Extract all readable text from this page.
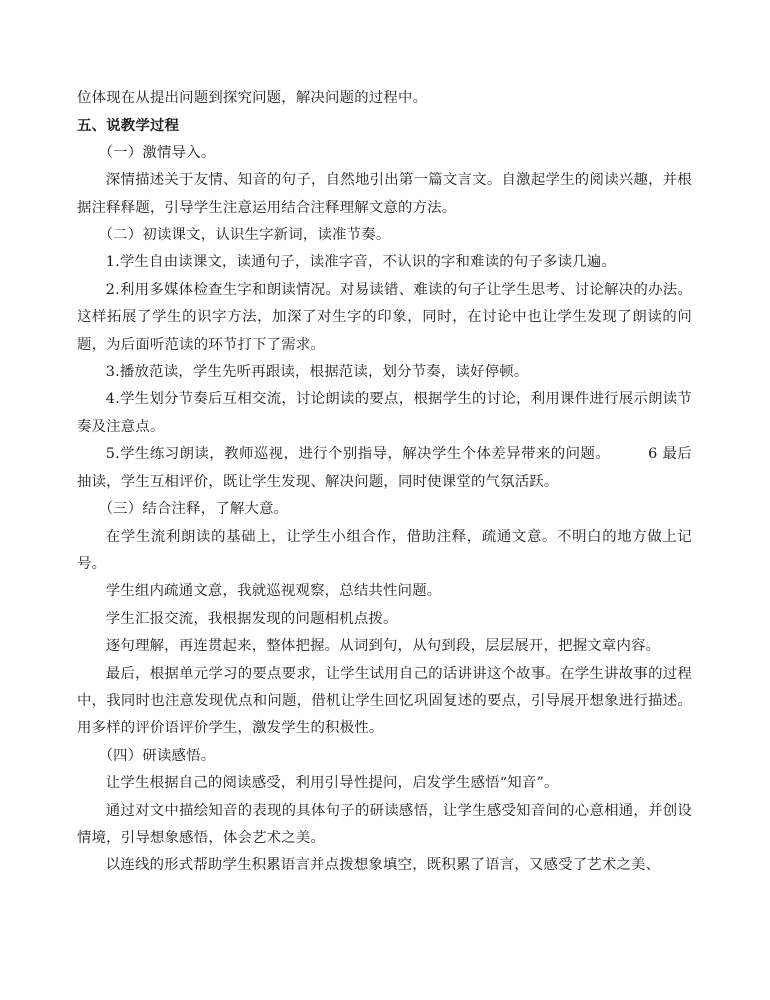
位体现在从提出问题到探究问题，解决问题的过程中。

五、说教学过程

（一）激情导入。

深情描述关于友情、知音的句子，自然地引出第一篇文言文。自激起学生的阅读兴趣，并根据注释释题，引导学生注意运用结合注释理解文意的方法。

（二）初读课文，认识生字新词，读准节奏。

1.学生自由读课文，读通句子，读准字音，不认识的字和难读的句子多读几遍。

2.利用多媒体检查生字和朗读情况。对易读错、难读的句子让学生思考、讨论解决的办法。这样拓展了学生的识字方法，加深了对生字的印象，同时，在讨论中也让学生发现了朗读的问题，为后面听范读的环节打下了需求。

3.播放范读，学生先听再跟读，根据范读，划分节奏，读好停顿。

4.学生划分节奏后互相交流，讨论朗读的要点，根据学生的讨论，利用课件进行展示朗读节奏及注意点。

5.学生练习朗读，教师巡视，进行个别指导，解决学生个体差异带来的问题。	6 最后抽读，学生互相评价，既让学生发现、解决问题，同时使课堂的气氛活跃。

（三）结合注释，了解大意。

在学生流利朗读的基础上，让学生小组合作，借助注释，疏通文意。不明白的地方做上记号。

学生组内疏通文意，我就巡视观察，总结共性问题。

学生汇报交流，我根据发现的问题相机点拨。

逐句理解，再连贯起来，整体把握。从词到句，从句到段，层层展开，把握文章内容。

最后，根据单元学习的要点要求，让学生试用自己的话讲讲这个故事。在学生讲故事的过程中，我同时也注意发现优点和问题，借机让学生回忆巩固复述的要点，引导展开想象进行描述。用多样的评价语评价学生，激发学生的积极性。

（四）研读感悟。

让学生根据自己的阅读感受，利用引导性提问，启发学生感悟“知音”。

通过对文中描绘知音的表现的具体句子的研读感悟，让学生感受知音间的心意相通，并创设情境，引导想象感悟，体会艺术之美。

以连线的形式帮助学生积累语言并点拨想象填空，既积累了语言，又感受了艺术之美、
